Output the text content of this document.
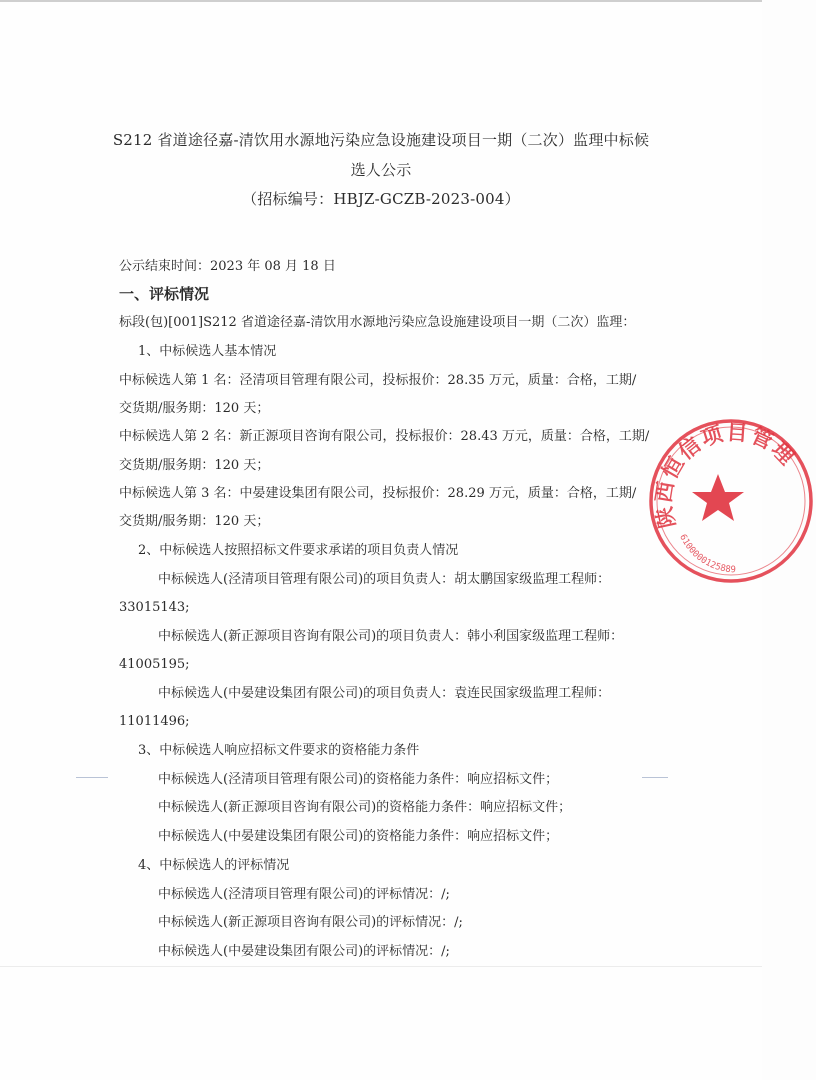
S212 省道途径嘉-清饮用水源地污染应急设施建设项目一期（二次）监理中标候
选人公示
（招标编号：HBJZ-GCZB-2023-004）
公示结束时间：2023 年 08 月 18 日
一、评标情况
标段(包)[001]S212 省道途径嘉-清饮用水源地污染应急设施建设项目一期（二次）监理：
1、中标候选人基本情况
中标候选人第 1 名：泾清项目管理有限公司，投标报价：28.35 万元，质量：合格，工期/
交货期/服务期：120 天；
中标候选人第 2 名：新正源项目咨询有限公司，投标报价：28.43 万元，质量：合格，工期/
交货期/服务期：120 天；
中标候选人第 3 名：中晏建设集团有限公司，投标报价：28.29 万元，质量：合格，工期/
交货期/服务期：120 天；
2、中标候选人按照招标文件要求承诺的项目负责人情况
中标候选人(泾清项目管理有限公司)的项目负责人：胡太鹏国家级监理工程师：
33015143;
中标候选人(新正源项目咨询有限公司)的项目负责人：韩小利国家级监理工程师：
41005195;
中标候选人(中晏建设集团有限公司)的项目负责人：袁连民国家级监理工程师：
11011496;
3、中标候选人响应招标文件要求的资格能力条件
中标候选人(泾清项目管理有限公司)的资格能力条件：响应招标文件；
中标候选人(新正源项目咨询有限公司)的资格能力条件：响应招标文件；
中标候选人(中晏建设集团有限公司)的资格能力条件：响应招标文件；
4、中标候选人的评标情况
中标候选人(泾清项目管理有限公司)的评标情况：/;
中标候选人(新正源项目咨询有限公司)的评标情况：/;
中标候选人(中晏建设集团有限公司)的评标情况：/;
陕西恒信项目管理
6100000125889
